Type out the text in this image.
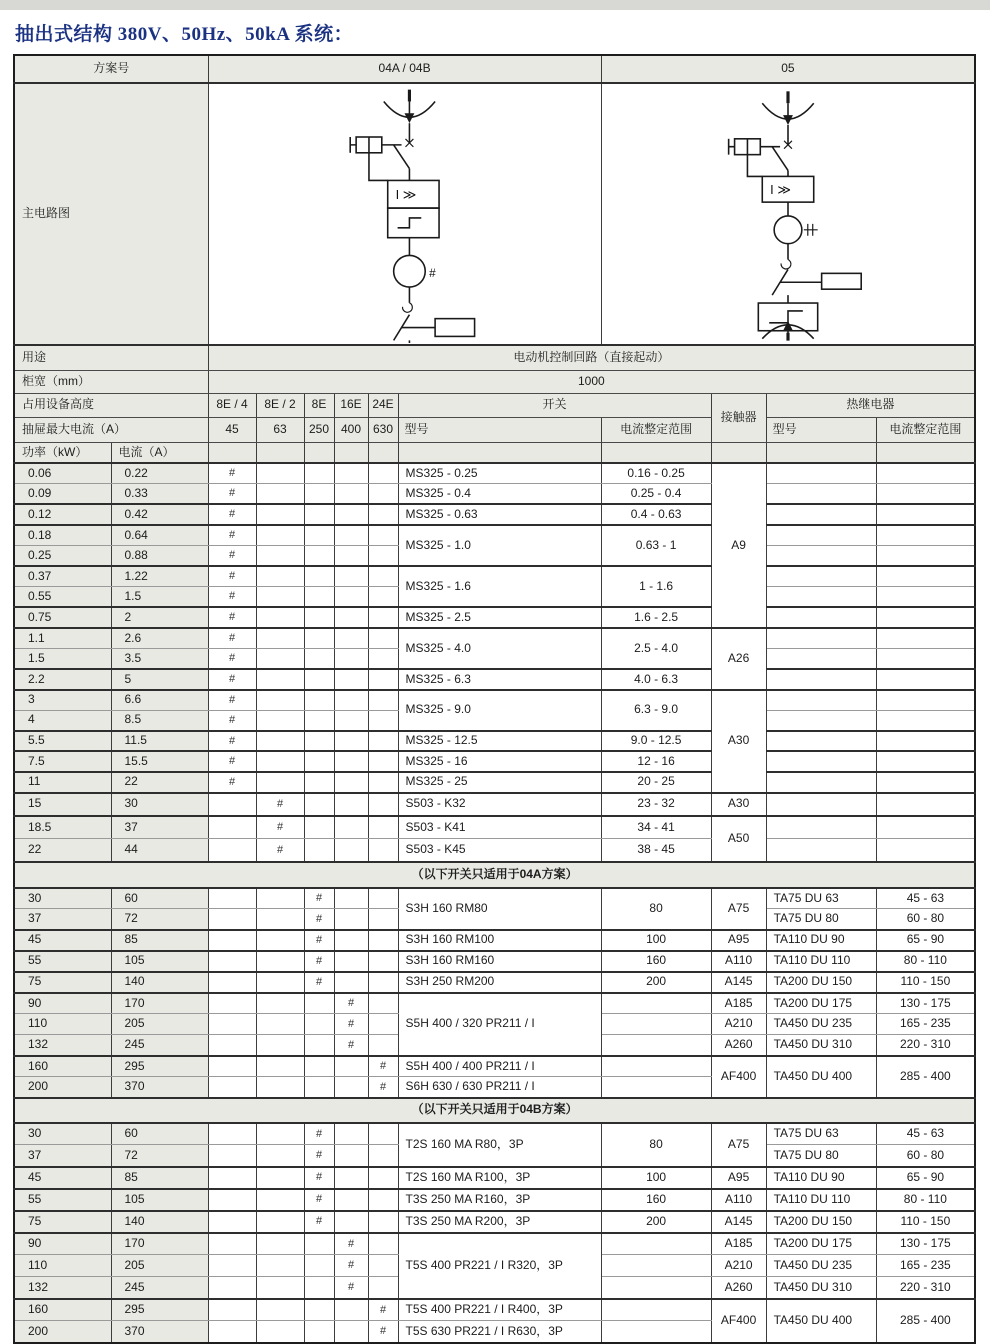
抽出式结构 380V、50Hz、50kA 系统：
方案号		04A / 04B						05			
主电路图		I ≫
#						I ≫			

用途		电动机控制回路（直接起动）									
柜宽（mm）		1000									
占用设备高度		8E / 4	8E / 2	8E	16E	24E	开关		接触器	热继电器	
抽屉最大电流（A）		45	63	250	400	630	型号	电流整定范围		型号	电流整定范围
功率（kW）	电流（A）										
0.06	0.22	#					MS325 - 0.25	0.16 - 0.25	A9		
0.09	0.33	#					MS325 - 0.4	0.25 - 0.4			
0.12	0.42	#					MS325 - 0.63	0.4 - 0.63			
0.18	0.64	#					MS325 - 1.0	0.63 - 1			
0.25	0.88	#									
0.37	1.22	#					MS325 - 1.6	1 - 1.6			
0.55	1.5	#									
0.75	2	#					MS325 - 2.5	1.6 - 2.5			
1.1	2.6	#					MS325 - 4.0	2.5 - 4.0	A26		
1.5	3.5	#									
2.2	5	#					MS325 - 6.3	4.0 - 6.3			
3	6.6	#					MS325 - 9.0	6.3 - 9.0	A30		
4	8.5	#									
5.5	11.5	#					MS325 - 12.5	9.0 - 12.5			
7.5	15.5	#					MS325 - 16	12 - 16			
11	22	#					MS325 - 25	20 - 25			
15	30		#				S503 - K32	23 - 32	A30		
18.5	37		#				S503 - K41	34 - 41	A50		
22	44		#				S503 - K45	38 - 45			
（以下开关只适用于04A方案）											
30	60			#			S3H 160 RM80	80	A75	TA75 DU 63	45 - 63
37	72			#						TA75 DU 80	60 - 80
45	85			#			S3H 160 RM100	100	A95	TA110 DU 90	65 - 90
55	105			#			S3H 160 RM160	160	A110	TA110 DU 110	80 - 110
75	140			#			S3H 250 RM200	200	A145	TA200 DU 150	110 - 150
90	170				#		S5H 400 / 320 PR211 / I		A185	TA200 DU 175	130 - 175
110	205				#				A210	TA450 DU 235	165 - 235
132	245				#				A260	TA450 DU 310	220 - 310
160	295					#	S5H 400 / 400 PR211 / I		AF400	TA450 DU 400	285 - 400
200	370					#	S6H 630 / 630 PR211 / I				
（以下开关只适用于04B方案）											
30	60			#			T2S 160 MA R80，3P	80	A75	TA75 DU 63	45 - 63
37	72			#						TA75 DU 80	60 - 80
45	85			#			T2S 160 MA R100，3P	100	A95	TA110 DU 90	65 - 90
55	105			#			T3S 250 MA R160，3P	160	A110	TA110 DU 110	80 - 110
75	140			#			T3S 250 MA R200，3P	200	A145	TA200 DU 150	110 - 150
90	170				#		T5S 400 PR221 / I R320，3P		A185	TA200 DU 175	130 - 175
110	205				#				A210	TA450 DU 235	165 - 235
132	245				#				A260	TA450 DU 310	220 - 310
160	295					#	T5S 400 PR221 / I R400，3P		AF400	TA450 DU 400	285 - 400
200	370					#	T5S 630 PR221 / I R630，3P				
